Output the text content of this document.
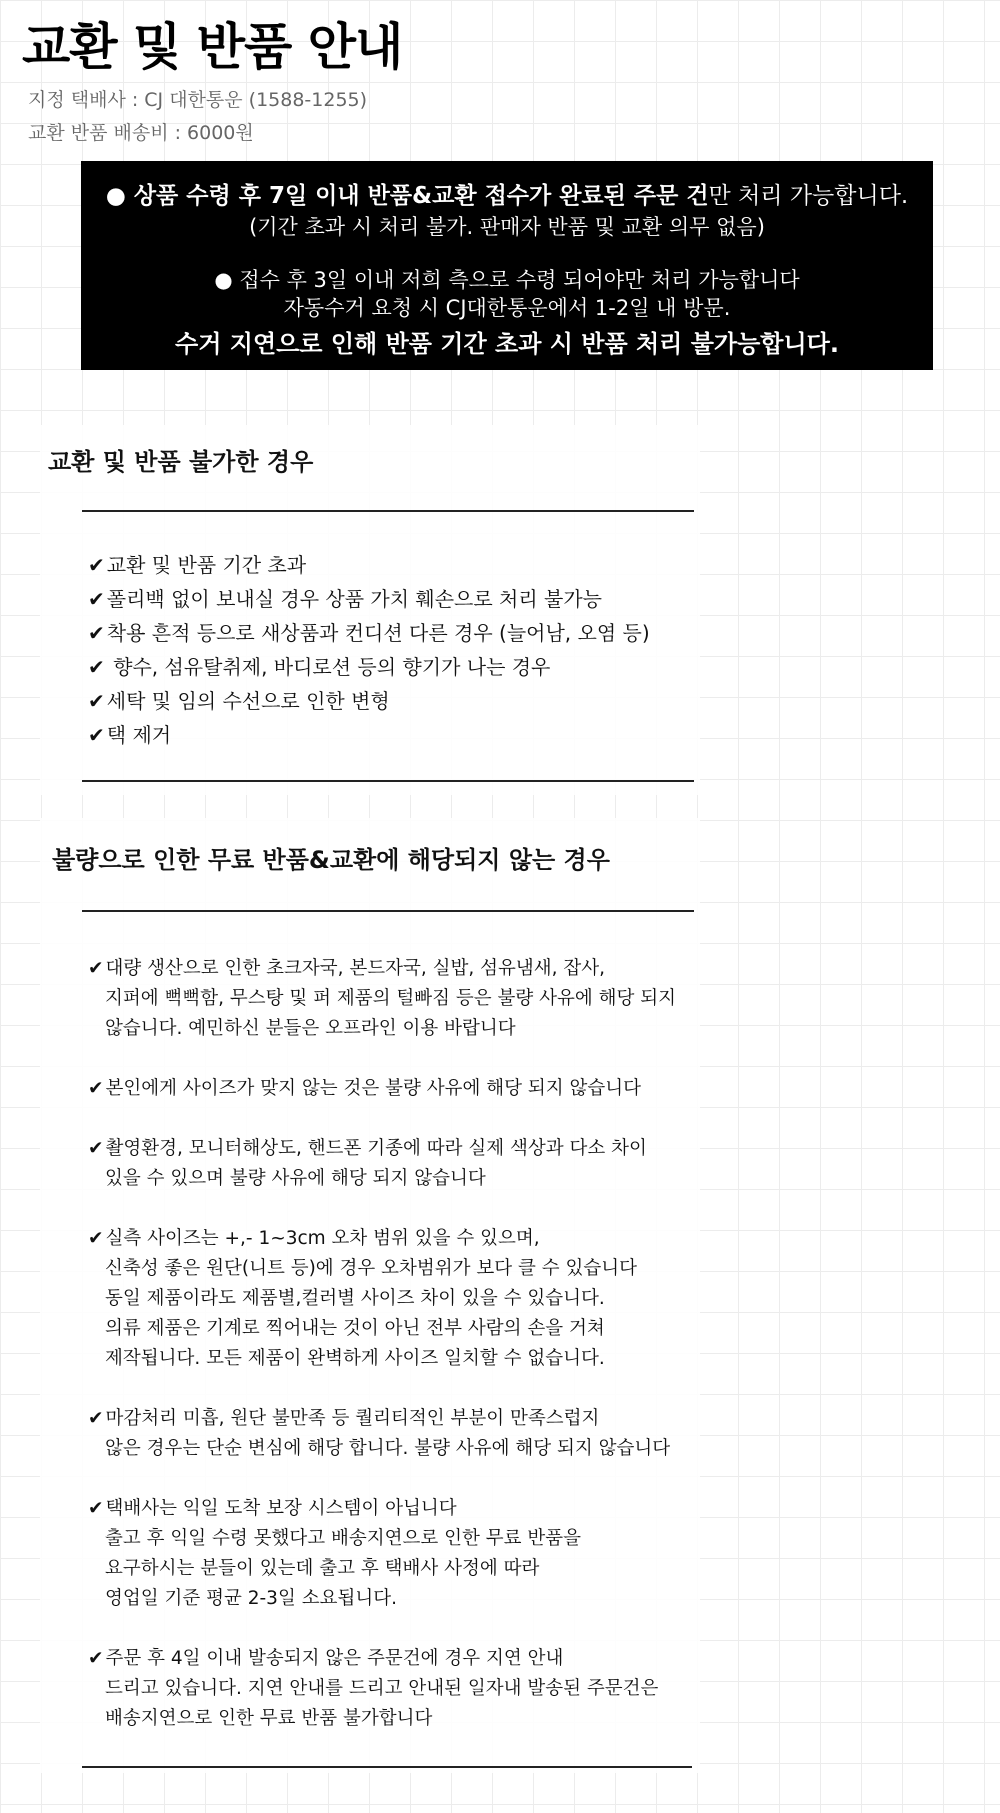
교환 및 반품 안내
지정 택배사 : CJ 대한통운 (1588-1255)
교환 반품 배송비 : 6000원
● 상품 수령 후 7일 이내 반품&교환 접수가 완료된 주문 건만 처리 가능합니다.
(기간 초과 시 처리 불가. 판매자 반품 및 교환 의무 없음)
● 접수 후 3일 이내 저희 측으로 수령 되어야만 처리 가능합니다
자동수거 요청 시 CJ대한통운에서 1-2일 내 방문.
수거 지연으로 인해 반품 기간 초과 시 반품 처리 불가능합니다.
교환 및 반품 불가한 경우
✔ 교환 및 반품 기간 초과
✔ 폴리백 없이 보내실 경우 상품 가치 훼손으로 처리 불가능
✔ 착용 흔적 등으로 새상품과 컨디션 다른 경우 (늘어남, 오염 등)
✔ 향수, 섬유탈취제, 바디로션 등의 향기가 나는 경우
✔ 세탁 및 임의 수선으로 인한 변형
✔ 택 제거
불량으로 인한 무료 반품&교환에 해당되지 않는 경우
✔ 대량 생산으로 인한 초크자국, 본드자국, 실밥, 섬유냄새, 잡사,
지퍼에 뻑뻑함, 무스탕 및 퍼 제품의 털빠짐 등은 불량 사유에 해당 되지
않습니다. 예민하신 분들은 오프라인 이용 바랍니다
✔ 본인에게 사이즈가 맞지 않는 것은 불량 사유에 해당 되지 않습니다
✔ 촬영환경, 모니터해상도, 핸드폰 기종에 따라 실제 색상과 다소 차이
있을 수 있으며 불량 사유에 해당 되지 않습니다
✔ 실측 사이즈는 +,- 1~3cm 오차 범위 있을 수 있으며,
신축성 좋은 원단(니트 등)에 경우 오차범위가 보다 클 수 있습니다
동일 제품이라도 제품별,컬러별 사이즈 차이 있을 수 있습니다.
의류 제품은 기계로 찍어내는 것이 아닌 전부 사람의 손을 거쳐
제작됩니다. 모든 제품이 완벽하게 사이즈 일치할 수 없습니다.
✔ 마감처리 미흡, 원단 불만족 등 퀄리티적인 부분이 만족스럽지
않은 경우는 단순 변심에 해당 합니다. 불량 사유에 해당 되지 않습니다
✔ 택배사는 익일 도착 보장 시스템이 아닙니다
출고 후 익일 수령 못했다고 배송지연으로 인한 무료 반품을
요구하시는 분들이 있는데 출고 후 택배사 사정에 따라
영업일 기준 평균 2-3일 소요됩니다.
✔ 주문 후 4일 이내 발송되지 않은 주문건에 경우 지연 안내
드리고 있습니다. 지연 안내를 드리고 안내된 일자내 발송된 주문건은
배송지연으로 인한 무료 반품 불가합니다
